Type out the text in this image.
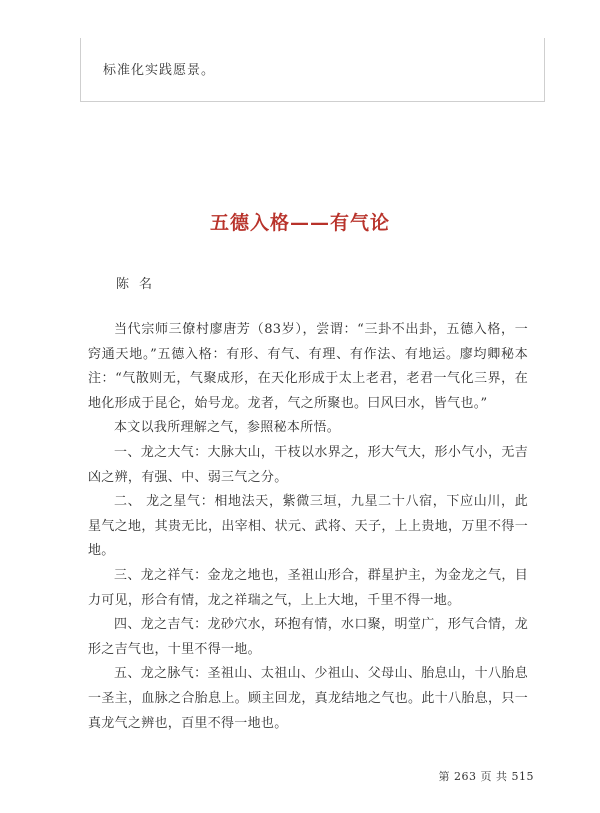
标准化实践愿景。
五德入格——有气论
陈名

当代宗师三僚村廖唐芳（83岁），尝谓：“三卦不出卦，五德入格，一窍通天地。”五德入格：有形、有气、有理、有作法、有地运。廖均卿秘本注：“气散则无，气聚成形，在天化形成于太上老君，老君一气化三界，在地化形成于昆仑，始号龙。龙者，气之所聚也。曰风曰水，皆气也。”

本文以我所理解之气，参照秘本所悟。

一、龙之大气：大脉大山，干枝以水界之，形大气大，形小气小，无吉凶之辨，有强、中、弱三气之分。

二、 龙之星气：相地法天，紫微三垣，九星二十八宿，下应山川，此星气之地，其贵无比，出宰相、状元、武将、天子，上上贵地，万里不得一地。

三、龙之祥气：金龙之地也，圣祖山形合，群星护主，为金龙之气，目力可见，形合有情，龙之祥瑞之气，上上大地，千里不得一地。

四、龙之吉气：龙砂穴水，环抱有情，水口聚，明堂广，形气合情，龙形之吉气也，十里不得一地。

五、龙之脉气：圣祖山、太祖山、少祖山、父母山、胎息山，十八胎息一圣主，血脉之合胎息上。顾主回龙，真龙结地之气也。此十八胎息，只一真龙气之辨也，百里不得一地也。

第 263 页 共 515
